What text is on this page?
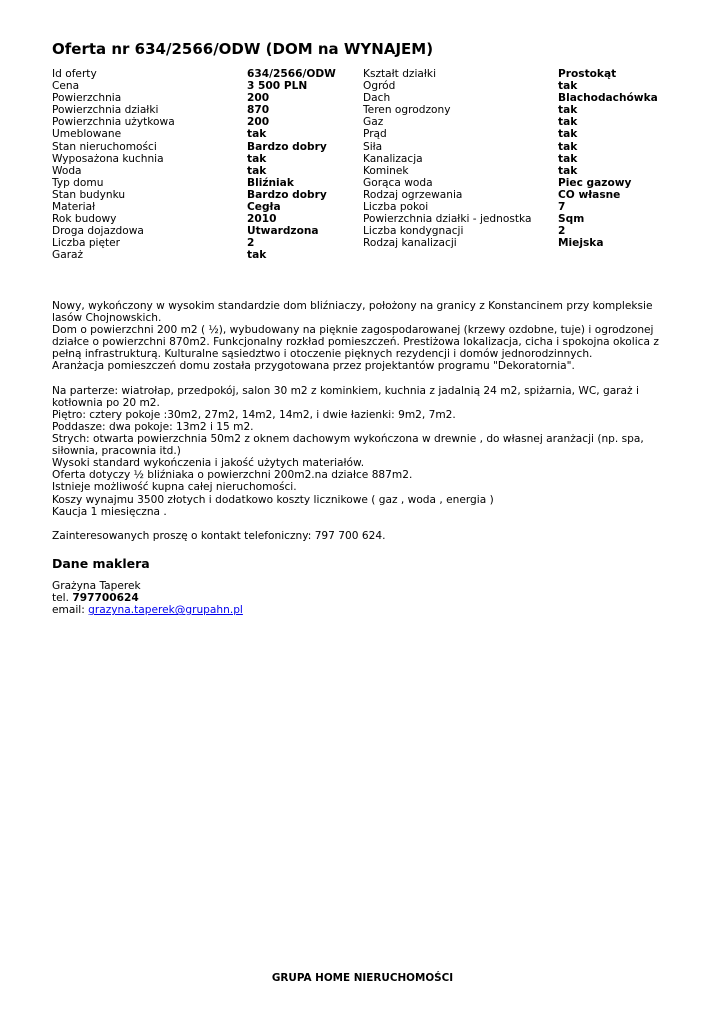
Oferta nr 634/2566/ODW (DOM na WYNAJEM)
Id oferty	634/2566/ODW	Kształt działki	Prostokąt
Cena	3 500 PLN	Ogród	tak
Powierzchnia	200	Dach	Blachodachówka
Powierzchnia działki	870	Teren ogrodzony	tak
Powierzchnia użytkowa	200	Gaz	tak
Umeblowane	tak	Prąd	tak
Stan nieruchomości	Bardzo dobry	Siła	tak
Wyposażona kuchnia	tak	Kanalizacja	tak
Woda	tak	Kominek	tak
Typ domu	Bliźniak	Gorąca woda	Piec gazowy
Stan budynku	Bardzo dobry	Rodzaj ogrzewania	CO własne
Materiał	Cegła	Liczba pokoi	7
Rok budowy	2010	Powierzchnia działki - jednostka	Sqm
Droga dojazdowa	Utwardzona	Liczba kondygnacji	2
Liczba pięter	2	Rodzaj kanalizacji	Miejska
Garaż	tak		

Nowy, wykończony w wysokim standardzie dom bliźniaczy, położony na granicy z Konstancinem przy kompleksie lasów Chojnowskich.

Dom o powierzchni 200 m2 ( ½), wybudowany na pięknie zagospodarowanej (krzewy ozdobne, tuje) i ogrodzonej działce o powierzchni 870m2. Funkcjonalny rozkład pomieszczeń. Prestiżowa lokalizacja, cicha i spokojna okolica z pełną infrastrukturą. Kulturalne sąsiedztwo i otoczenie pięknych rezydencji i domów jednorodzinnych.

Aranżacja pomieszczeń domu została przygotowana przez projektantów programu "Dekoratornia".

Na parterze: wiatrołap, przedpokój, salon 30 m2 z kominkiem, kuchnia z jadalnią 24 m2, spiżarnia, WC, garaż i kotłownia po 20 m2.

Piętro: cztery pokoje :30m2, 27m2, 14m2, 14m2, i dwie łazienki: 9m2, 7m2.

Poddasze: dwa pokoje: 13m2 i 15 m2.

Strych: otwarta powierzchnia 50m2 z oknem dachowym wykończona w drewnie , do własnej aranżacji (np. spa, siłownia, pracownia itd.)

Wysoki standard wykończenia i jakość użytych materiałów.

Oferta dotyczy ½ bliźniaka o powierzchni 200m2.na działce 887m2.

Istnieje możliwość kupna całej nieruchomości.

Koszy wynajmu 3500 złotych i dodatkowo koszty licznikowe ( gaz , woda , energia )

Kaucja 1 miesięczna .

Zainteresowanych proszę o kontakt telefoniczny: 797 700 624.

Dane maklera
Grażyna Taperek
tel. 797700624
email: grazyna.taperek@grupahn.pl
GRUPA HOME NIERUCHOMOŚCI
